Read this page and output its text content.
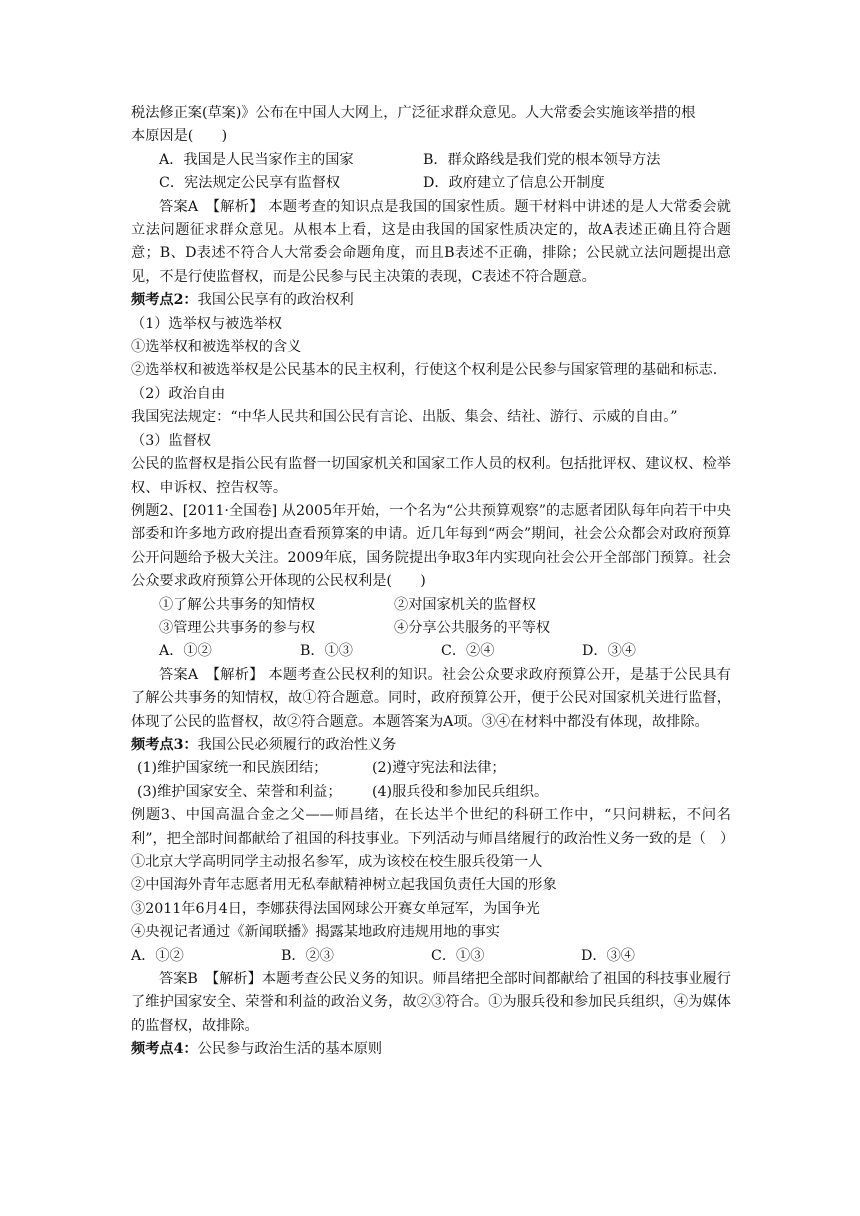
税法修正案(草案)》公布在中国人大网上，广泛征求群众意见。人大常委会实施该举措的根

本原因是(　　)

A．我国是人民当家作主的国家	B．群众路线是我们党的根本领导方法
C．宪法规定公民享有监督权	D．政府建立了信息公开制度

答案A　【解析】 本题考查的知识点是我国的国家性质。题干材料中讲述的是人大常委会就立法问题征求群众意见。从根本上看，这是由我国的国家性质决定的，故A表述正确且符合题意；B、D表述不符合人大常委会命题角度，而且B表述不正确，排除；公民就立法问题提出意见，不是行使监督权，而是公民参与民主决策的表现，C表述不符合题意。

频考点2：我国公民享有的政治权利

（1）选举权与被选举权

①选举权和被选举权的含义

②选举权和被选举权是公民基本的民主权利，行使这个权利是公民参与国家管理的基础和标志.

（2）政治自由

我国宪法规定：“中华人民共和国公民有言论、出版、集会、结社、游行、示威的自由。”

（3）监督权

公民的监督权是指公民有监督一切国家机关和国家工作人员的权利。包括批评权、建议权、检举权、申诉权、控告权等。

例题2、[2011·全国卷] 从2005年开始，一个名为“公共预算观察”的志愿者团队每年向若干中央部委和许多地方政府提出查看预算案的申请。近几年每到“两会”期间，社会公众都会对政府预算公开问题给予极大关注。2009年底，国务院提出争取3年内实现向社会公开全部部门预算。社会公众要求政府预算公开体现的公民权利是(　　)

①了解公共事务的知情权	②对国家机关的监督权
③管理公共事务的参与权	④分享公共服务的平等权
A．①②	B．①③	C．②④	D．③④

答案A　【解析】 本题考查公民权利的知识。社会公众要求政府预算公开，是基于公民具有了解公共事务的知情权，故①符合题意。同时，政府预算公开，便于公民对国家机关进行监督，体现了公民的监督权，故②符合题意。本题答案为A项。③④在材料中都没有体现，故排除。

频考点3：我国公民必须履行的政治性义务

(1)维护国家统一和民族团结；	(2)遵守宪法和法律；
(3)维护国家安全、荣誉和利益；	(4)服兵役和参加民兵组织。

例题3、中国高温合金之父——师昌绪，在长达半个世纪的科研工作中，“只问耕耘，不问名利”，把全部时间都献给了祖国的科技事业。下列活动与师昌绪履行的政治性义务一致的是（　）

①北京大学高明同学主动报名参军，成为该校在校生服兵役第一人

②中国海外青年志愿者用无私奉献精神树立起我国负责任大国的形象

③2011年6月4日，李娜获得法国网球公开赛女单冠军，为国争光

④央视记者通过《新闻联播》揭露某地政府违规用地的事实

A．①②	B．②③	C．①③	D．③④

答案B　【解析】本题考查公民义务的知识。师昌绪把全部时间都献给了祖国的科技事业履行了维护国家安全、荣誉和利益的政治义务，故②③符合。①为服兵役和参加民兵组织，④为媒体的监督权，故排除。

频考点4：公民参与政治生活的基本原则
